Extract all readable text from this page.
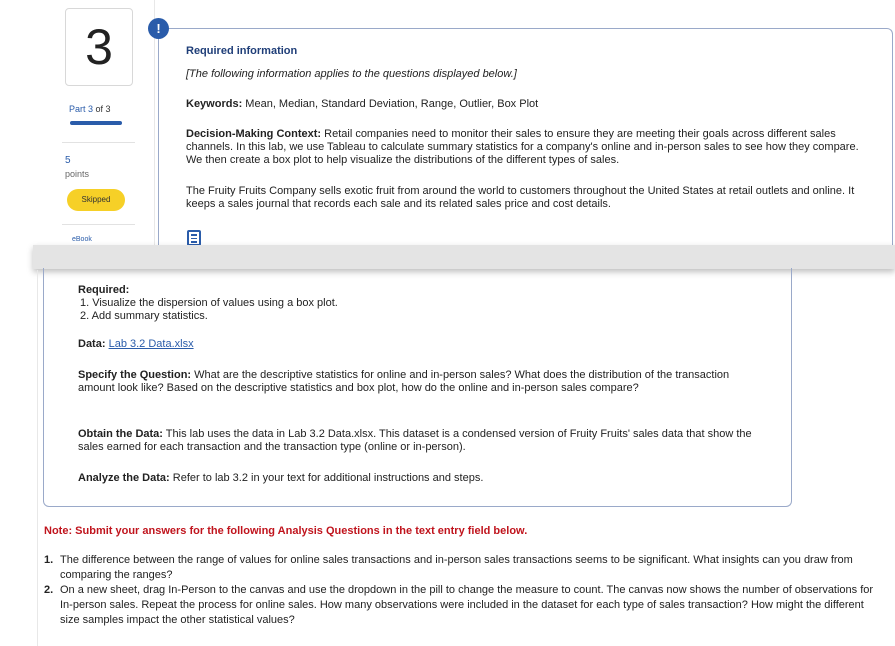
3
Part 3 of 3
5
points
Skipped
eBook
!
Required information
[The following information applies to the questions displayed below.]
Keywords: Mean, Median, Standard Deviation, Range, Outlier, Box Plot
Decision-Making Context: Retail companies need to monitor their sales to ensure they are meeting their goals across different sales channels. In this lab, we use Tableau to calculate summary statistics for a company's online and in-person sales to see how they compare. We then create a box plot to help visualize the distributions of the different types of sales.
The Fruity Fruits Company sells exotic fruit from around the world to customers throughout the United States at retail outlets and online. It keeps a sales journal that records each sale and its related sales price and cost details.
Required:
1. Visualize the dispersion of values using a box plot.
2. Add summary statistics.
Data: Lab 3.2 Data.xlsx
Specify the Question: What are the descriptive statistics for online and in-person sales? What does the distribution of the transaction amount look like? Based on the descriptive statistics and box plot, how do the online and in-person sales compare?
Obtain the Data: This lab uses the data in Lab 3.2 Data.xlsx. This dataset is a condensed version of Fruity Fruits' sales data that show the sales earned for each transaction and the transaction type (online or in-person).
Analyze the Data: Refer to lab 3.2 in your text for additional instructions and steps.
Note: Submit your answers for the following Analysis Questions in the text entry field below.
1. The difference between the range of values for online sales transactions and in-person sales transactions seems to be significant. What insights can you draw from comparing the ranges?
2. On a new sheet, drag In-Person to the canvas and use the dropdown in the pill to change the measure to count. The canvas now shows the number of observations for In-person sales. Repeat the process for online sales. How many observations were included in the dataset for each type of sales transaction? How might the different size samples impact the other statistical values?
